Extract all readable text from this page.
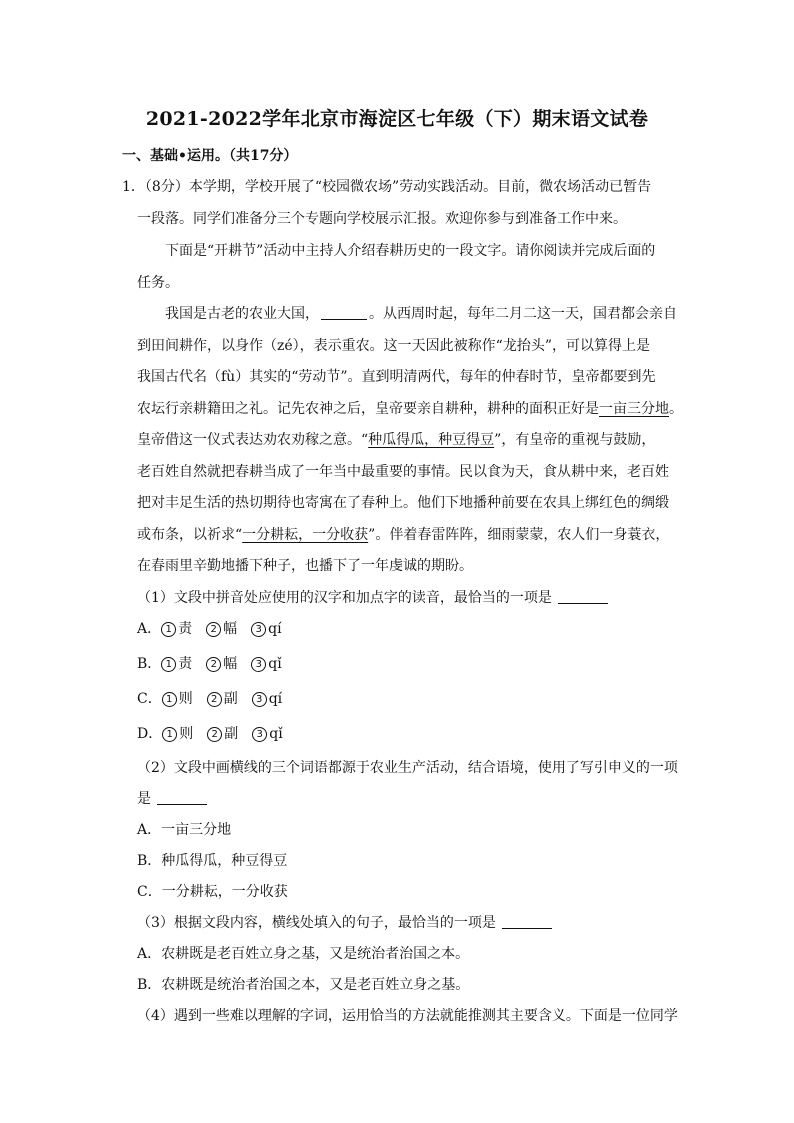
2021-2022学年北京市海淀区七年级（下）期末语文试卷
一、基础•运用。（共17分）
1．（8分）本学期，学校开展了“校园微农场”劳动实践活动。目前，微农场活动已暂告
一段落。同学们准备分三个专题向学校展示汇报。欢迎你参与到准备工作中来。
下面是“开耕节”活动中主持人介绍春耕历史的一段文字。请你阅读并完成后面的
任务。
我国是古老的农业大国，	。从西周时起，每年二月二这一天，国君都会亲自
到田间耕作，以身作（zé），表示重农。这一天因此被称作“龙抬头”，可以算得上是
我国古代名（fù）其实的“劳动节”。直到明清两代，每年的仲春时节，皇帝都要到先
农坛行亲耕籍田之礼。记先农神之后，皇帝要亲自耕种，耕种的面积正好是一亩三分地。
皇帝借这一仪式表达劝农劝稼之意。“种瓜得瓜，种豆得豆”，有皇帝的重视与鼓励，
老百姓自然就把春耕当成了一年当中最重要的事情。民以食为天，食从耕中来，老百姓
把对丰足生活的热切期待也寄寓在了春种上。他们下地播种前要在农具上绑红色的绸缎
或布条，以祈求“一分耕耘，一分收获”。伴着春雷阵阵，细雨蒙蒙，农人们一身蓑衣，
在春雨里辛勤地播下种子，也播下了一年虔诚的期盼。
（1）文段中拼音处应使用的汉字和加点字的读音，最恰当的一项是
A． 1 责 2 幅 3 qí
B． 1 责 2 幅 3 qǐ
C． 1 则 2 副 3 qí
D． 1 则 2 副 3 qǐ
（2）文段中画横线的三个词语都源于农业生产活动，结合语境，使用了写引申义的一项
是
A．一亩三分地
B．种瓜得瓜，种豆得豆
C．一分耕耘，一分收获
（3）根据文段内容，横线处填入的句子，最恰当的一项是
A．农耕既是老百姓立身之基，又是统治者治国之本。
B．农耕既是统治者治国之本，又是老百姓立身之基。
（4）遇到一些难以理解的字词，运用恰当的方法就能推测其主要含义。下面是一位同学
